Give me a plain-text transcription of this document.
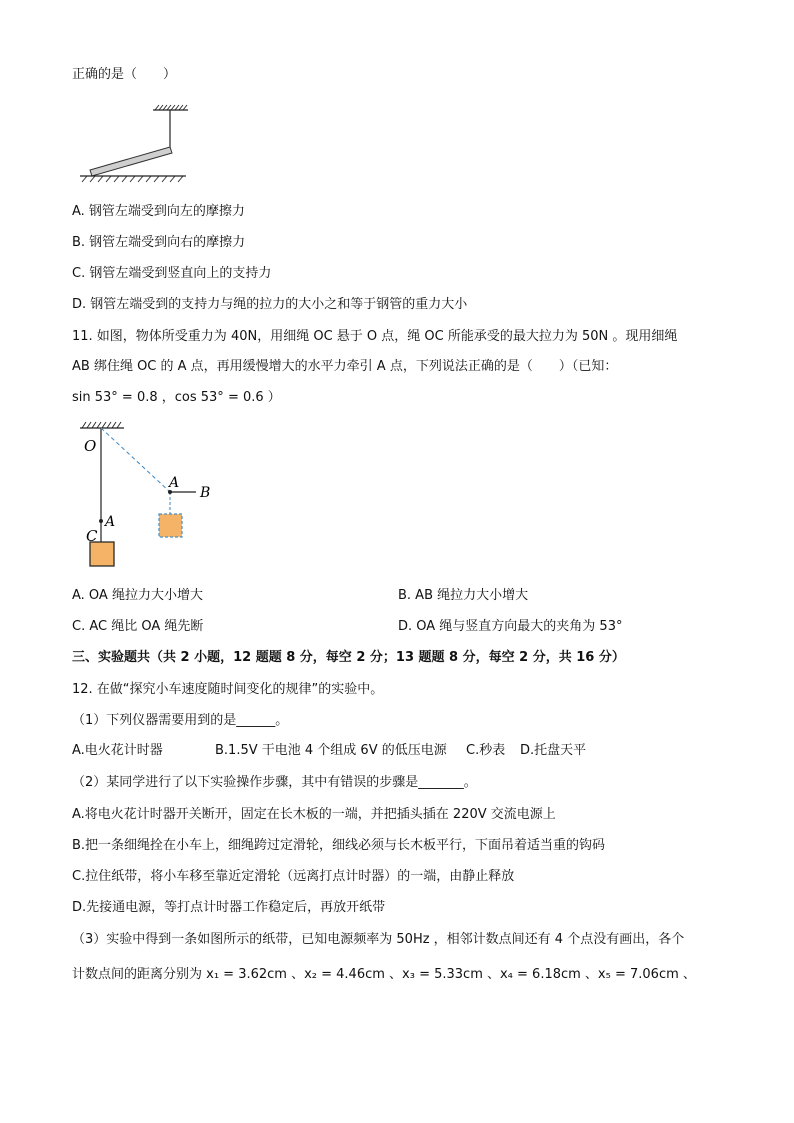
正确的是（　　）
A. 钢管左端受到向左的摩擦力
B. 钢管左端受到向右的摩擦力
C. 钢管左端受到竖直向上的支持力
D. 钢管左端受到的支持力与绳的拉力的大小之和等于钢管的重力大小
11. 如图，物体所受重力为 40N，用细绳 OC 悬于 O 点，绳 OC 所能承受的最大拉力为 50N 。现用细绳
AB 绑住绳 OC 的 A 点，再用缓慢增大的水平力牵引 A 点，下列说法正确的是（　　）（已知：
sin 53° = 0.8 ，cos 53° = 0.6 ）
O
A
C
A
B
A. OA 绳拉力大小增大	B. AB 绳拉力大小增大
C. AC 绳比 OA 绳先断	D. OA 绳与竖直方向最大的夹角为 53°
三、实验题共（共 2 小题，12 题题 8 分，每空 2 分；13 题题 8 分，每空 2 分，共 16 分）
12. 在做“探究小车速度随时间变化的规律”的实验中。
（1）下列仪器需要用到的是______。
A.电火花计时器	B.1.5V 干电池 4 个组成 6V 的低压电源 C.秒表 D.托盘天平
（2）某同学进行了以下实验操作步骤，其中有错误的步骤是_______。
A.将电火花计时器开关断开，固定在长木板的一端，并把插头插在 220V 交流电源上
B.把一条细绳拴在小车上，细绳跨过定滑轮，细线必须与长木板平行，下面吊着适当重的钩码
C.拉住纸带，将小车移至靠近定滑轮（远离打点计时器）的一端，由静止释放
D.先接通电源，等打点计时器工作稳定后，再放开纸带
（3）实验中得到一条如图所示的纸带，已知电源频率为 50Hz ，相邻计数点间还有 4 个点没有画出，各个
计数点间的距离分别为 x₁ = 3.62cm 、x₂ = 4.46cm 、x₃ = 5.33cm 、x₄ = 6.18cm 、x₅ = 7.06cm 、
